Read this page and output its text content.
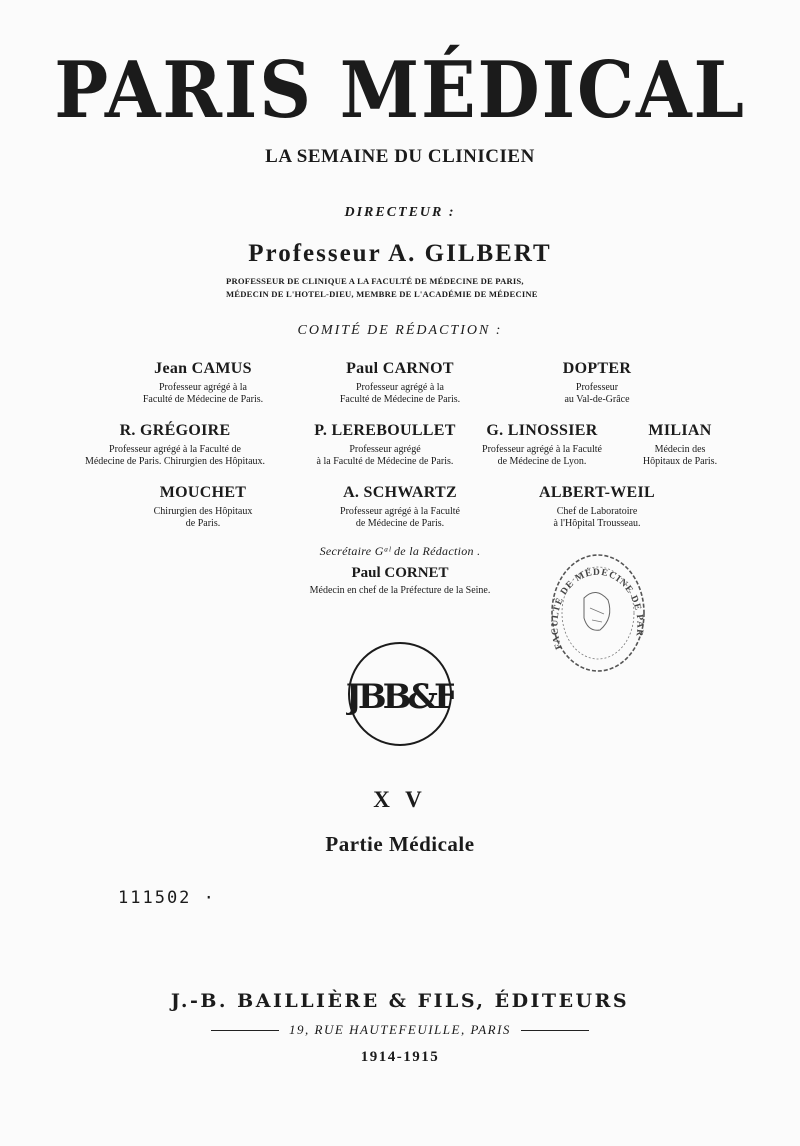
PARIS MÉDICAL
LA SEMAINE DU CLINICIEN
DIRECTEUR :
Professeur A. GILBERT
PROFESSEUR DE CLINIQUE A LA FACULTÉ DE MÉDECINE DE PARIS,
MÉDECIN DE L'HOTEL-DIEU, MEMBRE DE L'ACADÉMIE DE MÉDECINE
COMITÉ DE RÉDACTION :
Jean CAMUS
Professeur agrégé à la
Faculté de Médecine de Paris.
Paul CARNOT
Professeur agrégé à la
Faculté de Médecine de Paris.
DOPTER
Professeur
au Val-de-Grâce
R. GRÉGOIRE
Professeur agrégé à la Faculté de
Médecine de Paris. Chirurgien des Hôpitaux.
P. LEREBOULLET
Professeur agrégé
à la Faculté de Médecine de Paris.
G. LINOSSIER
Professeur agrégé à la Faculté
de Médecine de Lyon.
MILIAN
Médecin des
Hôpitaux de Paris.
MOUCHET
Chirurgien des Hôpitaux
de Paris.
A. SCHWARTZ
Professeur agrégé à la Faculté
de Médecine de Paris.
ALBERT-WEIL
Chef de Laboratoire
à l'Hôpital Trousseau.
Secrétaire Gᵃˡ de la Rédaction .
Paul CORNET
Médecin en chef de la Préfecture de la Seine.
FACULTÉ DE MÉDECINE DE PAR
JBB&F
X V
Partie Médicale
111502 ·
J.-B. BAILLIÈRE & FILS, ÉDITEURS
19, RUE HAUTEFEUILLE, PARIS
1914-1915
